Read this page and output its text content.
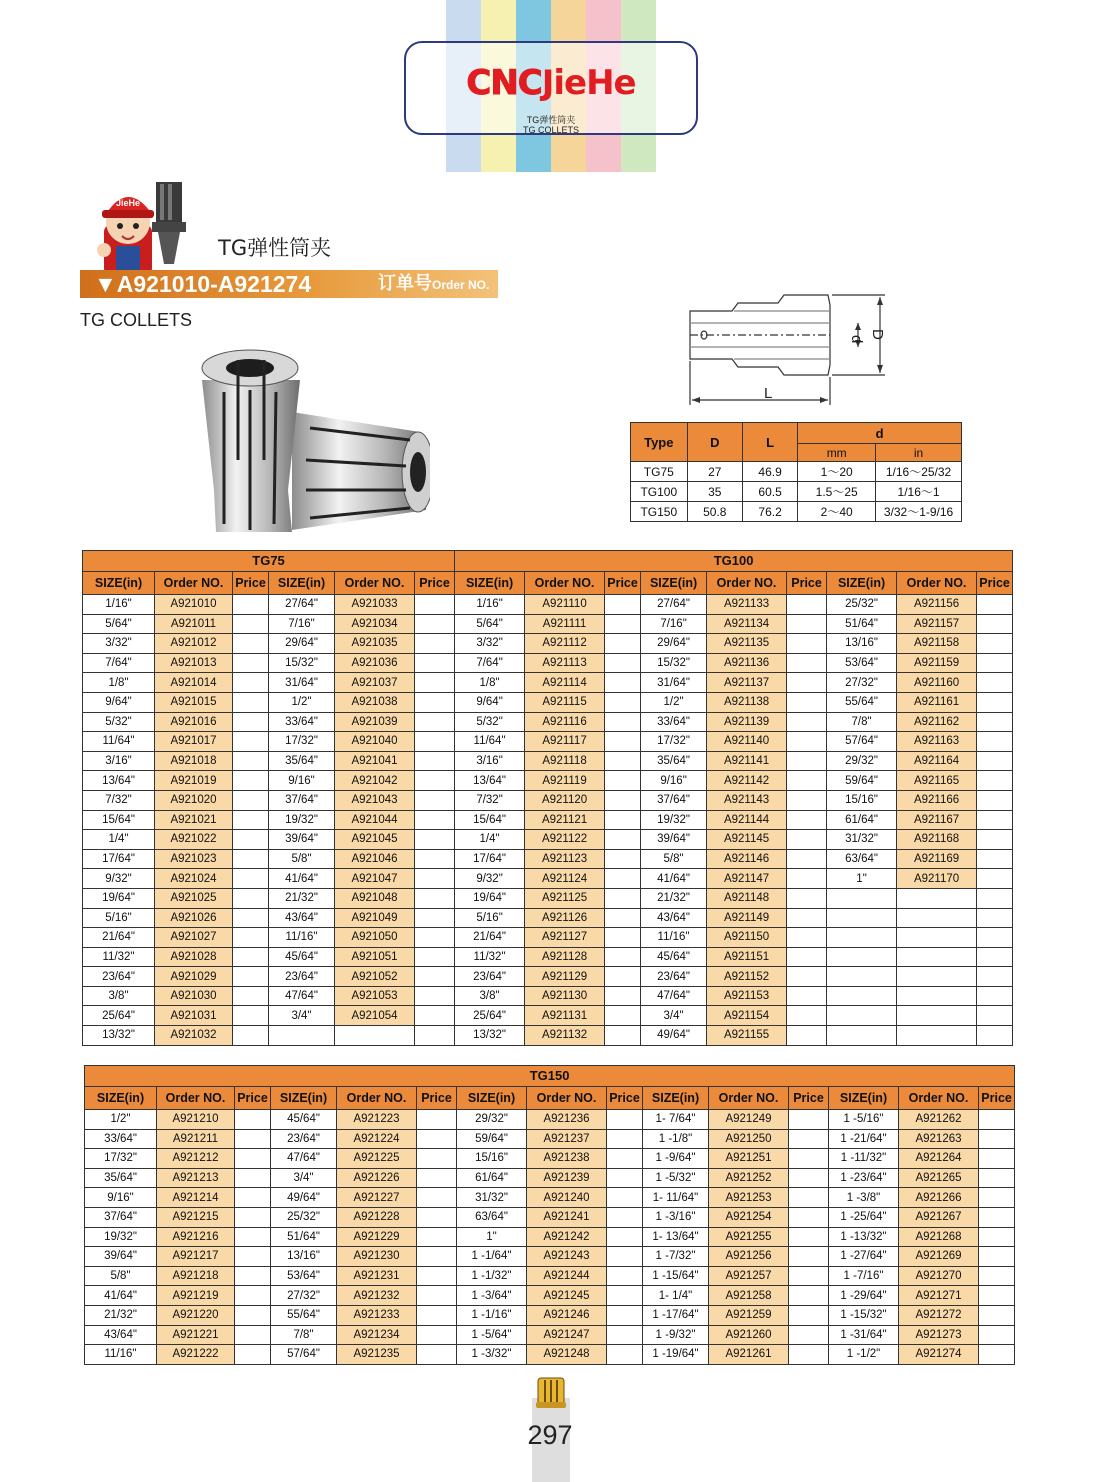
CNCJieHe
TG弹性筒夹
TG COLLETS
JieHe
TG弹性筒夹
▼A921010-A921274	订单号Order NO.
TG COLLETS
L
d D
Type	D	L	d	
			mm	in
TG75	27	46.9	1～20	1/16～25/32
TG100	35	60.5	1.5～25	1/16～1
TG150	50.8	76.2	2～40	3/32～1-9/16
TG75						TG100								
SIZE(in)	Order NO.	Price	SIZE(in)	Order NO.	Price	SIZE(in)	Order NO.	Price	SIZE(in)	Order NO.	Price	SIZE(in)	Order NO.	Price
1/16"	A921010		27/64"	A921033		1/16"	A921110		27/64"	A921133		25/32"	A921156	
5/64"	A921011		7/16"	A921034		5/64"	A921111		7/16"	A921134		51/64"	A921157	
3/32"	A921012		29/64"	A921035		3/32"	A921112		29/64"	A921135		13/16"	A921158	
7/64"	A921013		15/32"	A921036		7/64"	A921113		15/32"	A921136		53/64"	A921159	
1/8"	A921014		31/64"	A921037		1/8"	A921114		31/64"	A921137		27/32"	A921160	
9/64"	A921015		1/2"	A921038		9/64"	A921115		1/2"	A921138		55/64"	A921161	
5/32"	A921016		33/64"	A921039		5/32"	A921116		33/64"	A921139		7/8"	A921162	
11/64"	A921017		17/32"	A921040		11/64"	A921117		17/32"	A921140		57/64"	A921163	
3/16"	A921018		35/64"	A921041		3/16"	A921118		35/64"	A921141		29/32"	A921164	
13/64"	A921019		9/16"	A921042		13/64"	A921119		9/16"	A921142		59/64"	A921165	
7/32"	A921020		37/64"	A921043		7/32"	A921120		37/64"	A921143		15/16"	A921166	
15/64"	A921021		19/32"	A921044		15/64"	A921121		19/32"	A921144		61/64"	A921167	
1/4"	A921022		39/64"	A921045		1/4"	A921122		39/64"	A921145		31/32"	A921168	
17/64"	A921023		5/8"	A921046		17/64"	A921123		5/8"	A921146		63/64"	A921169	
9/32"	A921024		41/64"	A921047		9/32"	A921124		41/64"	A921147		1"	A921170	
19/64"	A921025		21/32"	A921048		19/64"	A921125		21/32"	A921148				
5/16"	A921026		43/64"	A921049		5/16"	A921126		43/64"	A921149				
21/64"	A921027		11/16"	A921050		21/64"	A921127		11/16"	A921150				
11/32"	A921028		45/64"	A921051		11/32"	A921128		45/64"	A921151				
23/64"	A921029		23/64"	A921052		23/64"	A921129		23/64"	A921152				
3/8"	A921030		47/64"	A921053		3/8"	A921130		47/64"	A921153				
25/64"	A921031		3/4"	A921054		25/64"	A921131		3/4"	A921154				
13/32"	A921032					13/32"	A921132		49/64"	A921155				
TG150														
SIZE(in)	Order NO.	Price	SIZE(in)	Order NO.	Price	SIZE(in)	Order NO.	Price	SIZE(in)	Order NO.	Price	SIZE(in)	Order NO.	Price
1/2"	A921210		45/64"	A921223		29/32"	A921236		1- 7/64"	A921249		1 -5/16"	A921262	
33/64"	A921211		23/64"	A921224		59/64"	A921237		1 -1/8"	A921250		1 -21/64"	A921263	
17/32"	A921212		47/64"	A921225		15/16"	A921238		1 -9/64"	A921251		1 -11/32"	A921264	
35/64"	A921213		3/4"	A921226		61/64"	A921239		1 -5/32"	A921252		1 -23/64"	A921265	
9/16"	A921214		49/64"	A921227		31/32"	A921240		1- 11/64"	A921253		1 -3/8"	A921266	
37/64"	A921215		25/32"	A921228		63/64"	A921241		1 -3/16"	A921254		1 -25/64"	A921267	
19/32"	A921216		51/64"	A921229		1"	A921242		1- 13/64"	A921255		1 -13/32"	A921268	
39/64"	A921217		13/16"	A921230		1 -1/64"	A921243		1 -7/32"	A921256		1 -27/64"	A921269	
5/8"	A921218		53/64"	A921231		1 -1/32"	A921244		1 -15/64"	A921257		1 -7/16"	A921270	
41/64"	A921219		27/32"	A921232		1 -3/64"	A921245		1- 1/4"	A921258		1 -29/64"	A921271	
21/32"	A921220		55/64"	A921233		1 -1/16"	A921246		1 -17/64"	A921259		1 -15/32"	A921272	
43/64"	A921221		7/8"	A921234		1 -5/64"	A921247		1 -9/32"	A921260		1 -31/64"	A921273	
11/16"	A921222		57/64"	A921235		1 -3/32"	A921248		1 -19/64"	A921261		1 -1/2"	A921274	
297
